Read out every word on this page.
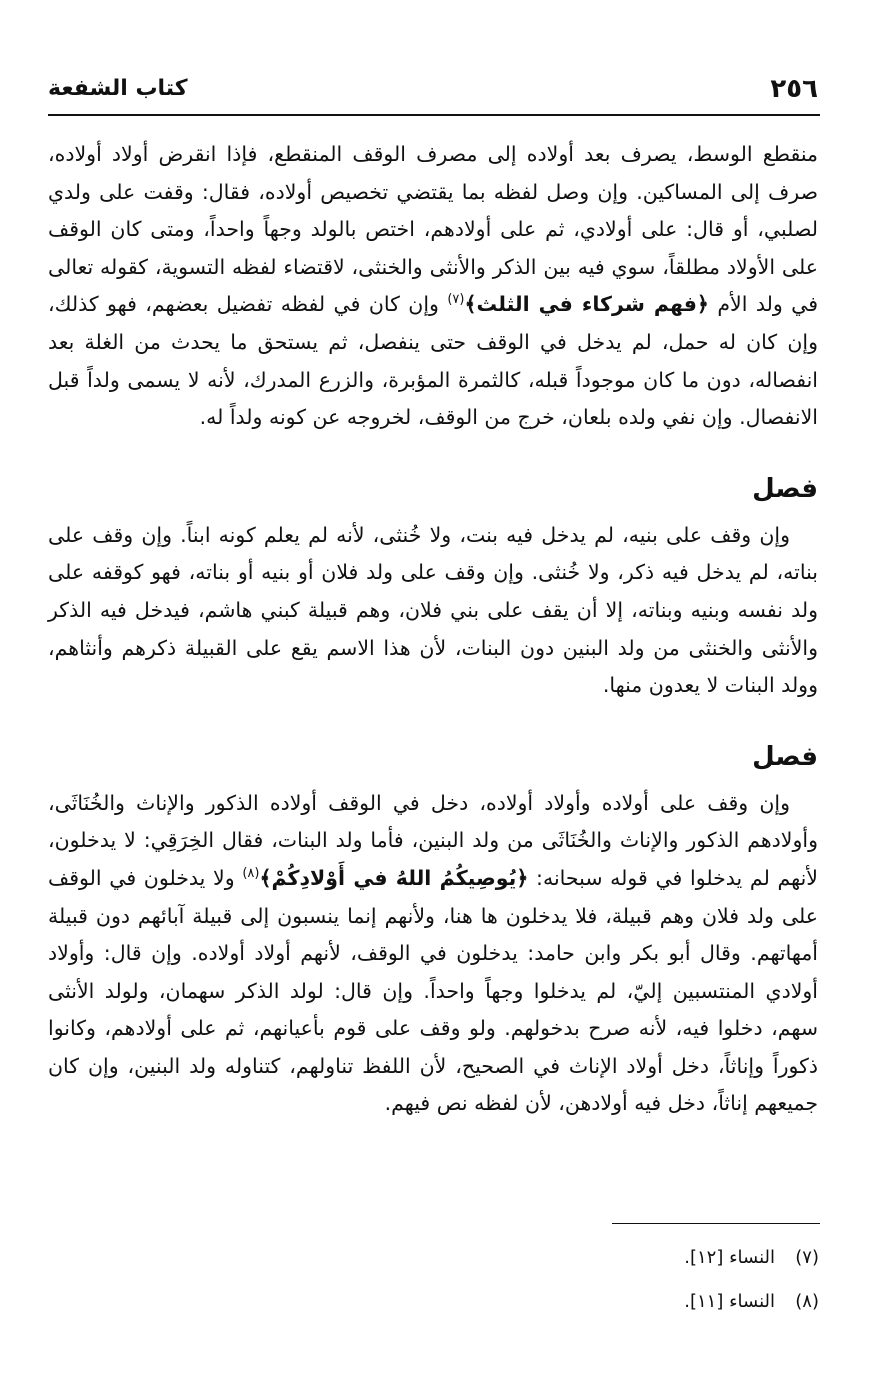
٢٥٦
كتاب الشفعة

منقطع الوسط، يصرف بعد أولاده إلى مصرف الوقف المنقطع، فإذا انقرض أولاد أولاده، صرف إلى المساكين. وإن وصل لفظه بما يقتضي تخصيص أولاده، فقال: وقفت على ولدي لصلبي، أو قال: على أولادي، ثم على أولادهم، اختص بالولد وجهاً واحداً، ومتى كان الوقف على الأولاد مطلقاً، سوي فيه بين الذكر والأنثى والخنثى، لاقتضاء لفظه التسوية، كقوله تعالى في ولد الأم ﴿فهم شركاء في الثلث﴾$^{(٧)}$ وإن كان في لفظه تفضيل بعضهم، فهو كذلك، وإن كان له حمل، لم يدخل في الوقف حتى ينفصل، ثم يستحق ما يحدث من الغلة بعد انفصاله، دون ما كان موجوداً قبله، كالثمرة المؤبرة، والزرع المدرك، لأنه لا يسمى ولداً قبل الانفصال. وإن نفي ولده بلعان، خرج من الوقف، لخروجه عن كونه ولداً له.

فصل

وإن وقف على بنيه، لم يدخل فيه بنت، ولا خُنثى، لأنه لم يعلم كونه ابناً. وإن وقف على بناته، لم يدخل فيه ذكر، ولا خُنثى. وإن وقف على ولد فلان أو بنيه أو بناته، فهو كوقفه على ولد نفسه وبنيه وبناته، إلا أن يقف على بني فلان، وهم قبيلة كبني هاشم، فيدخل فيه الذكر والأنثى والخنثى من ولد البنين دون البنات، لأن هذا الاسم يقع على القبيلة ذكرهم وأنثاهم، وولد البنات لا يعدون منها.

فصل

وإن وقف على أولاده وأولاد أولاده، دخل في الوقف أولاده الذكور والإناث والخُنَاثَى، وأولادهم الذكور والإناث والخُنَاثَى من ولد البنين، فأما ولد البنات، فقال الخِرَقِي: لا يدخلون، لأنهم لم يدخلوا في قوله سبحانه: ﴿يُوصِيكُمُ اللهُ في أَوْلادِكُمْ﴾$^{(٨)}$ ولا يدخلون في الوقف على ولد فلان وهم قبيلة، فلا يدخلون ها هنا، ولأنهم إنما ينسبون إلى قبيلة آبائهم دون قبيلة أمهاتهم. وقال أبو بكر وابن حامد: يدخلون في الوقف، لأنهم أولاد أولاده. وإن قال: وأولاد أولادي المنتسبين إليّ، لم يدخلوا وجهاً واحداً. وإن قال: لولد الذكر سهمان، ولولد الأنثى سهم، دخلوا فيه، لأنه صرح بدخولهم. ولو وقف على قوم بأعيانهم، ثم على أولادهم، وكانوا ذكوراً وإناثاً، دخل أولاد الإناث في الصحيح، لأن اللفظ تناولهم، كتناوله ولد البنين، وإن كان جميعهم إناثاً، دخل فيه أولادهن، لأن لفظه نص فيهم.

(٧)النساء [١٢].

(٨)النساء [١١].
